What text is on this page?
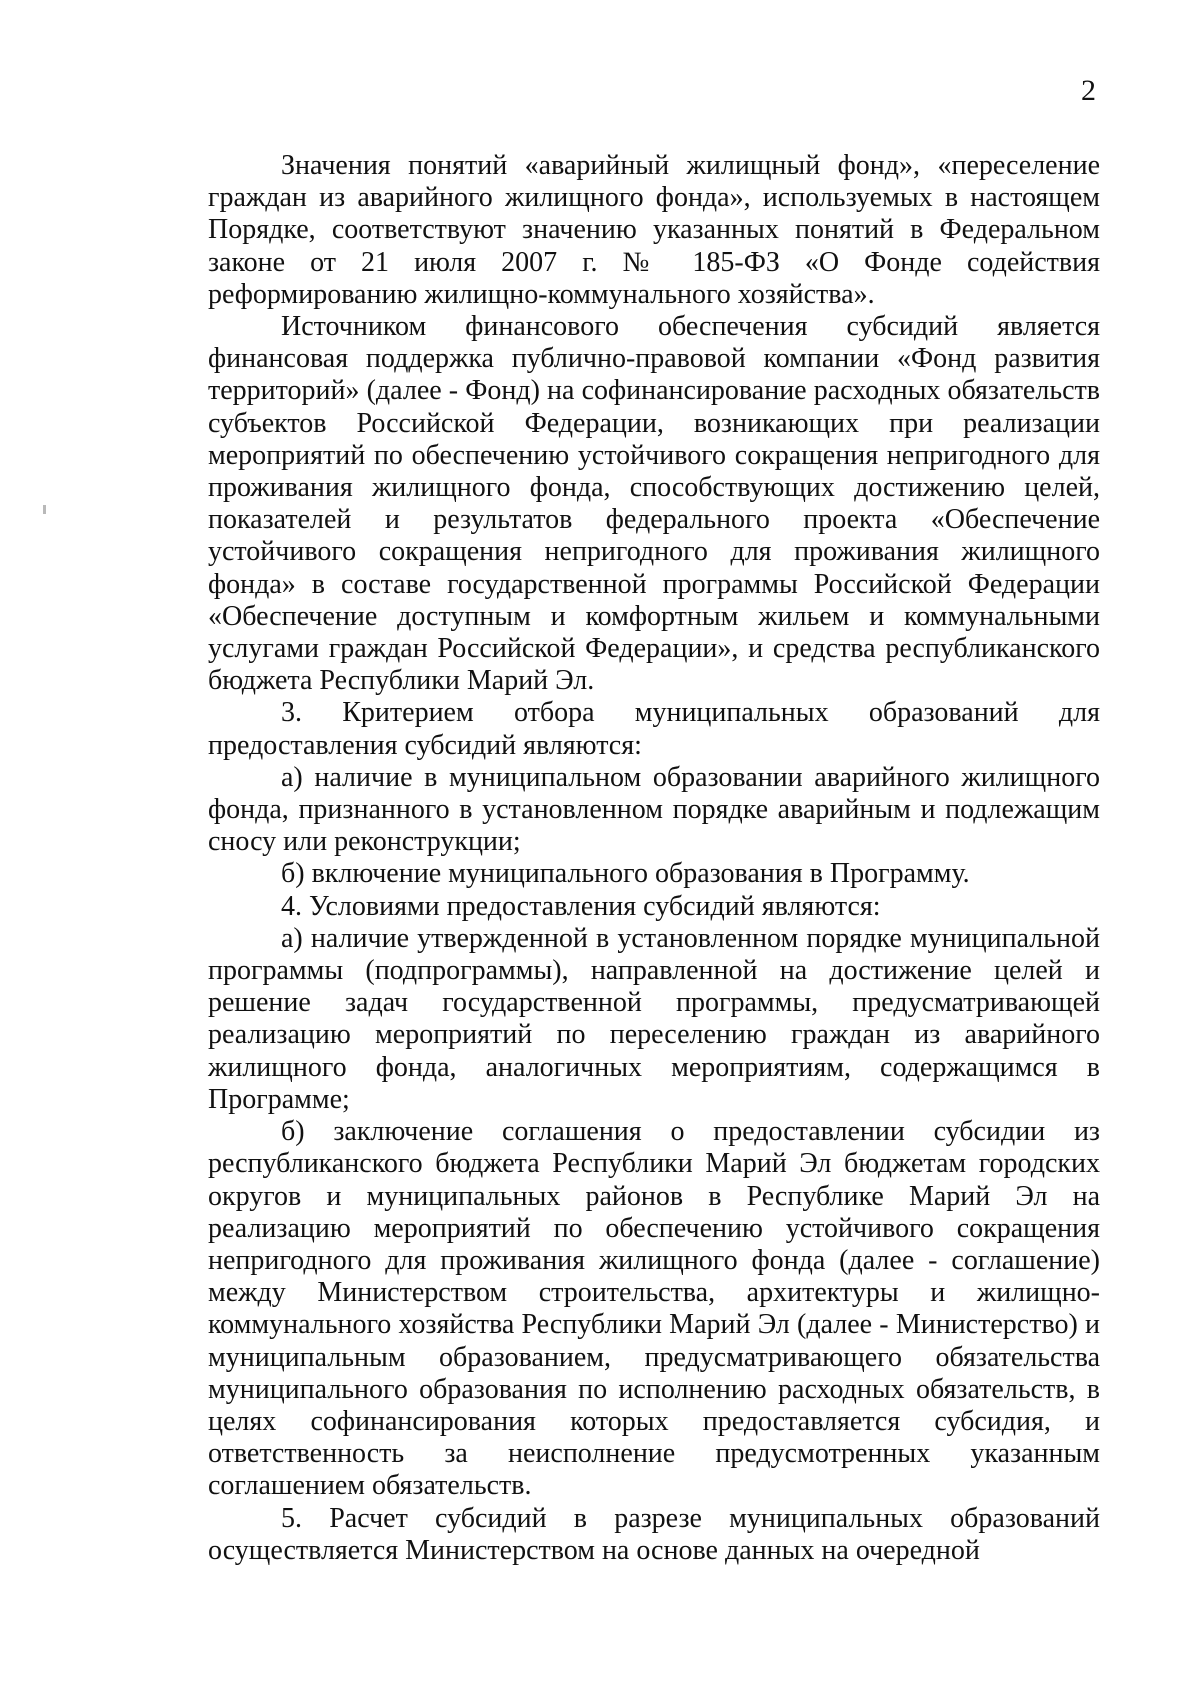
2

Значения понятий «аварийный жилищный фонд», «переселение граждан из аварийного жилищного фонда», используемых в настоящем Порядке, соответствуют значению указанных понятий в Федеральном законе от 21 июля 2007 г. № 185-ФЗ «О Фонде содействия реформированию жилищно-коммунального хозяйства».

Источником финансового обеспечения субсидий является финансовая поддержка публично-правовой компании «Фонд развития территорий» (далее - Фонд) на софинансирование расходных обязательств субъектов Российской Федерации, возникающих при реализации мероприятий по обеспечению устойчивого сокращения непригодного для проживания жилищного фонда, способствующих достижению целей, показателей и результатов федерального проекта «Обеспечение устойчивого сокращения непригодного для проживания жилищного фонда» в составе государственной программы Российской Федерации «Обеспечение доступным и комфортным жильем и коммунальными услугами граждан Российской Федерации», и средства республиканского бюджета Республики Марий Эл.

3. Критерием отбора муниципальных образований для предоставления субсидий являются:

а) наличие в муниципальном образовании аварийного жилищного фонда, признанного в установленном порядке аварийным и подлежащим сносу или реконструкции;

б) включение муниципального образования в Программу.

4. Условиями предоставления субсидий являются:

а) наличие утвержденной в установленном порядке муниципальной программы (подпрограммы), направленной на достижение целей и решение задач государственной программы, предусматривающей реализацию мероприятий по переселению граждан из аварийного жилищного фонда, аналогичных мероприятиям, содержащимся в Программе;

б) заключение соглашения о предоставлении субсидии из республиканского бюджета Республики Марий Эл бюджетам городских округов и муниципальных районов в Республике Марий Эл на реализацию мероприятий по обеспечению устойчивого сокращения непригодного для проживания жилищного фонда (далее - соглашение) между Министерством строительства, архитектуры и жилищно-коммунального хозяйства Республики Марий Эл (далее - Министерство) и муниципальным образованием, предусматривающего обязательства муниципального образования по исполнению расходных обязательств, в целях софинансирования которых предоставляется субсидия, и ответственность за неисполнение предусмотренных указанным соглашением обязательств.

5. Расчет субсидий в разрезе муниципальных образований осуществляется Министерством на основе данных на очередной
